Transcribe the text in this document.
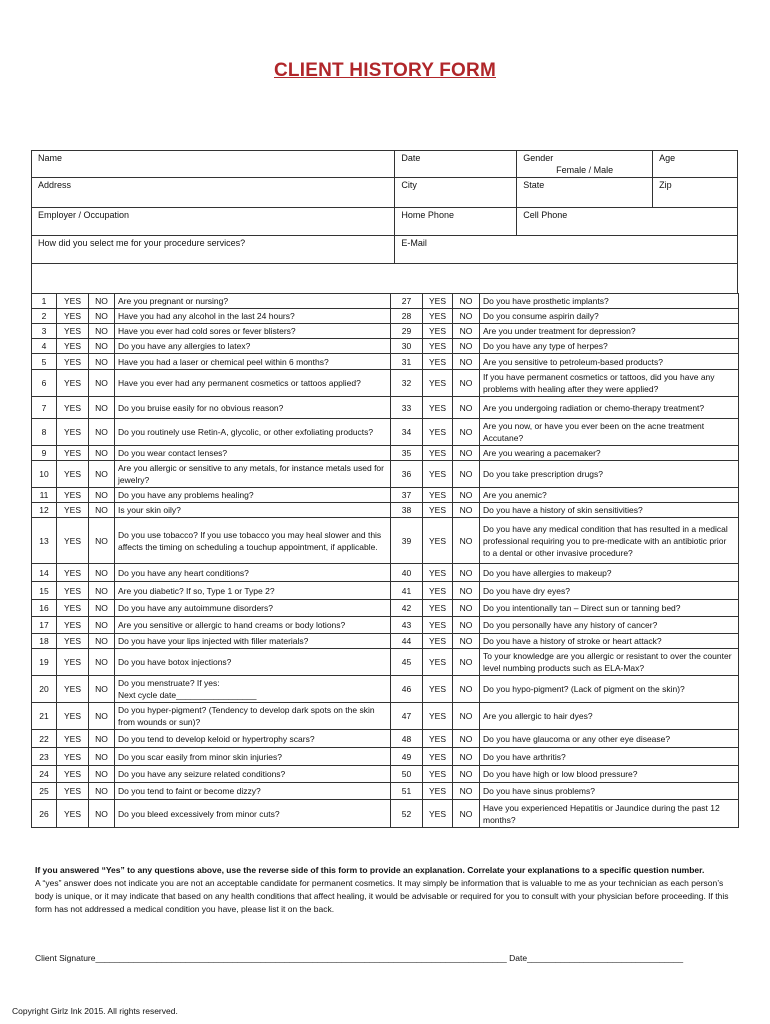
CLIENT HISTORY FORM
Name	Date	Gender
Female / Male	Age
Address	City	State	Zip
Employer / Occupation	Home Phone	Cell Phone	
How did you select me for your procedure services?	E-Mail		

1	YES	NO	Are you pregnant or nursing?	27	YES	NO	Do you have prosthetic implants?

2	YES	NO	Have you had any alcohol in the last 24 hours?	28	YES	NO	Do you consume aspirin daily?

3	YES	NO	Have you ever had cold sores or fever blisters?	29	YES	NO	Are you under treatment for depression?

4	YES	NO	Do you have any allergies to latex?	30	YES	NO	Do you have any type of herpes?

5	YES	NO	Have you had a laser or chemical peel within 6 months?	31	YES	NO	Are you sensitive to petroleum-based products?

6	YES	NO	Have you ever had any permanent cosmetics or tattoos applied?	32	YES	NO	If you have permanent cosmetics or tattoos, did you have any problems with healing after they were applied?

7	YES	NO	Do you bruise easily for no obvious reason?	33	YES	NO	Are you undergoing radiation or chemo-therapy treatment?

8	YES	NO	Do you routinely use Retin-A, glycolic, or other exfoliating products?	34	YES	NO	Are you now, or have you ever been on the acne treatment Accutane?

9	YES	NO	Do you wear contact lenses?	35	YES	NO	Are you wearing a pacemaker?

10	YES	NO	Are you allergic or sensitive to any metals, for instance metals used for jewelry?	36	YES	NO	Do you take prescription drugs?

11	YES	NO	Do you have any problems healing?	37	YES	NO	Are you anemic?

12	YES	NO	Is your skin oily?	38	YES	NO	Do you have a history of skin sensitivities?

13	YES	NO	Do you use tobacco? If you use tobacco you may heal slower and this affects the timing on scheduling a touchup appointment, if applicable.	39	YES	NO	Do you have any medical condition that has resulted in a medical professional requiring you to pre-medicate with an antibiotic prior to a dental or other invasive procedure?

14	YES	NO	Do you have any heart conditions?	40	YES	NO	Do you have allergies to makeup?

15	YES	NO	Are you diabetic? If so, Type 1 or Type 2?	41	YES	NO	Do you have dry eyes?

16	YES	NO	Do you have any autoimmune disorders?	42	YES	NO	Do you intentionally tan – Direct sun or tanning bed?

17	YES	NO	Are you sensitive or allergic to hand creams or body lotions?	43	YES	NO	Do you personally have any history of cancer?

18	YES	NO	Do you have your lips injected with filler materials?	44	YES	NO	Do you have a history of stroke or heart attack?

19	YES	NO	Do you have botox injections?	45	YES	NO	To your knowledge are you allergic or resistant to over the counter level numbing products such as ELA-Max?

20	YES	NO	Do you menstruate? If yes:
Next cycle date_________________	46	YES	NO	Do you hypo-pigment? (Lack of pigment on the skin)?

21	YES	NO	Do you hyper-pigment? (Tendency to develop dark spots on the skin from wounds or sun)?	47	YES	NO	Are you allergic to hair dyes?

22	YES	NO	Do you tend to develop keloid or hypertrophy scars?	48	YES	NO	Do you have glaucoma or any other eye disease?

23	YES	NO	Do you scar easily from minor skin injuries?	49	YES	NO	Do you have arthritis?

24	YES	NO	Do you have any seizure related conditions?	50	YES	NO	Do you have high or low blood pressure?

25	YES	NO	Do you tend to faint or become dizzy?	51	YES	NO	Do you have sinus problems?

26	YES	NO	Do you bleed excessively from minor cuts?	52	YES	NO	Have you experienced Hepatitis or Jaundice during the past 12 months?
If you answered “Yes” to any questions above, use the reverse side of this form to provide an explanation. Correlate your explanations to a specific question number.
A “yes” answer does not indicate you are not an acceptable candidate for permanent cosmetics. It may simply be information that is valuable to me as your technician as each person’s body is unique, or it may indicate that based on any health conditions that affect healing, it would be advisable or required for you to consult with your physician before proceeding. If this form has not addressed a medical condition you have, please list it on the back.
Client Signature_______________________________________________________________________________________ Date_________________________________
Copyright Girlz Ink 2015. All rights reserved.
